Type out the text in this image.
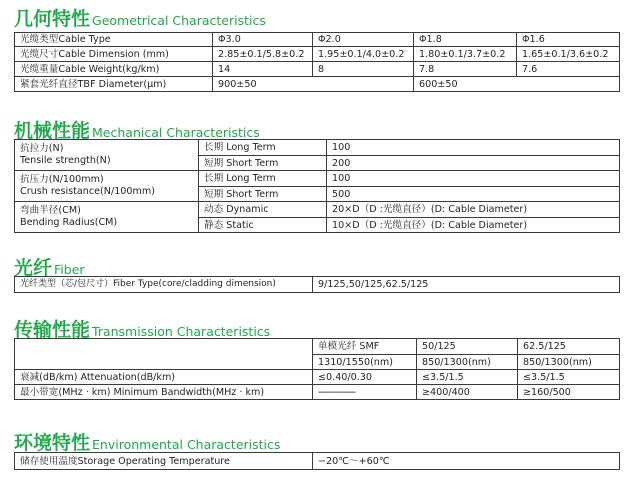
几何特性 Geometrical Characteristics
光缆类型Cable Type	Φ3.0	Φ2.0	Φ1.8	Φ1.6
光缆尺寸Cable Dimension (mm)	2.85±0.1/5.8±0.2	1.95±0.1/4.0±0.2	1.80±0.1/3.7±0.2	1.65±0.1/3.6±0.2
光缆重量Cable Weight(kg/km)	14	8	7.8	7.6
紧套光纤直径TBF Diameter(μm)	900±50		600±50	
机械性能 Mechanical Characteristics
抗拉力(N)
Tensile strength(N)	长期 Long Term	100
	短期 Short Term	200

抗压力(N/100mm)
Crush resistance(N/100mm)	长期 Long Term	100
	短期 Short Term	500

弯曲半径(CM)
Bending Radius(CM)	动态 Dynamic	20×D（D :光缆直径）(D: Cable Diameter)
	静态 Static	10×D（D :光缆直径）(D: Cable Diameter)
光纤 Fiber
光纤类型（芯/包尺寸）Fiber Type(core/cladding dimension)	9/125,50/125,62.5/125
传输性能 Transmission Characteristics
	单模光纤 SMF	50/125	62.5/125
	1310/1550(nm)	850/1300(nm)	850/1300(nm)
衰减(dB/km) Attenuation(dB/km)	≤0.40/0.30	≤3.5/1.5	≤3.5/1.5
最小带宽(MHz · km) Minimum Bandwidth(MHz · km)	---------------	≥400/400	≥160/500
环境特性 Environmental Characteristics
储存使用温度Storage Operating Temperature	−20℃～+60℃
